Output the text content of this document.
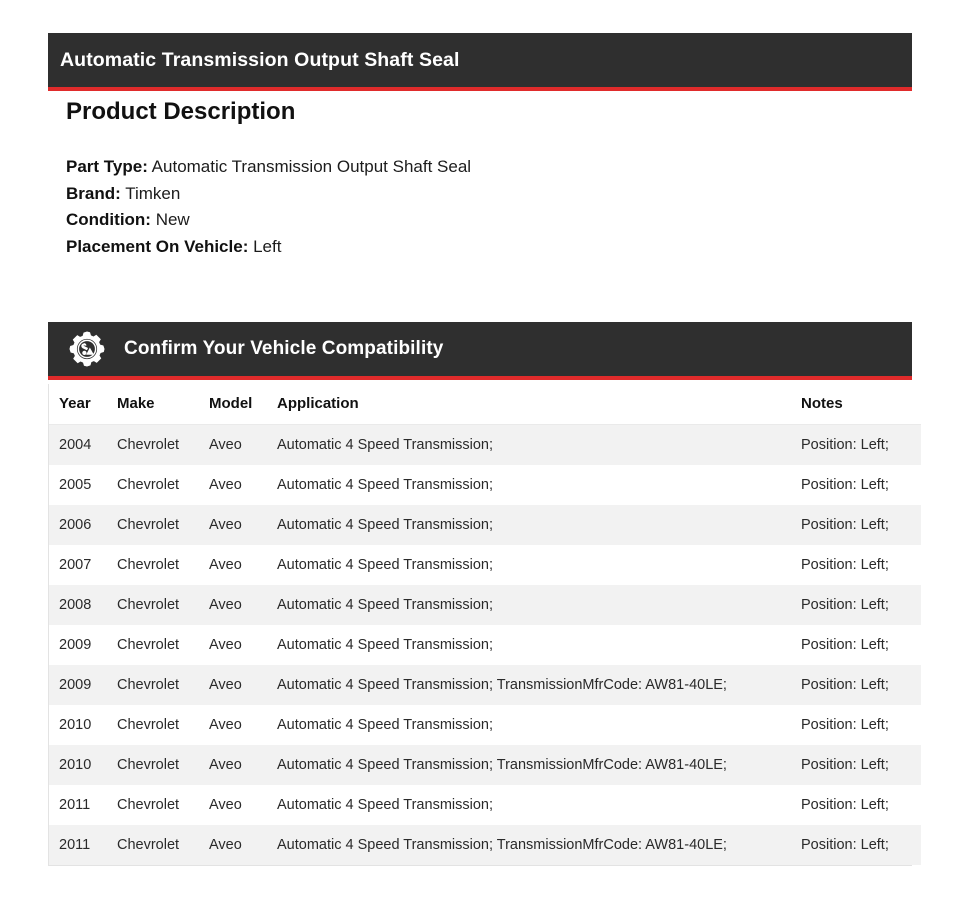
Automatic Transmission Output Shaft Seal
Product Description
Part Type: Automatic Transmission Output Shaft Seal
Brand: Timken
Condition: New
Placement On Vehicle: Left
Confirm Your Vehicle Compatibility
Year	Make	Model	Application	Notes
2004	Chevrolet	Aveo	Automatic 4 Speed Transmission;	Position: Left;
2005	Chevrolet	Aveo	Automatic 4 Speed Transmission;	Position: Left;
2006	Chevrolet	Aveo	Automatic 4 Speed Transmission;	Position: Left;
2007	Chevrolet	Aveo	Automatic 4 Speed Transmission;	Position: Left;
2008	Chevrolet	Aveo	Automatic 4 Speed Transmission;	Position: Left;
2009	Chevrolet	Aveo	Automatic 4 Speed Transmission;	Position: Left;
2009	Chevrolet	Aveo	Automatic 4 Speed Transmission; TransmissionMfrCode: AW81-40LE;	Position: Left;
2010	Chevrolet	Aveo	Automatic 4 Speed Transmission;	Position: Left;
2010	Chevrolet	Aveo	Automatic 4 Speed Transmission; TransmissionMfrCode: AW81-40LE;	Position: Left;
2011	Chevrolet	Aveo	Automatic 4 Speed Transmission;	Position: Left;
2011	Chevrolet	Aveo	Automatic 4 Speed Transmission; TransmissionMfrCode: AW81-40LE;	Position: Left;
